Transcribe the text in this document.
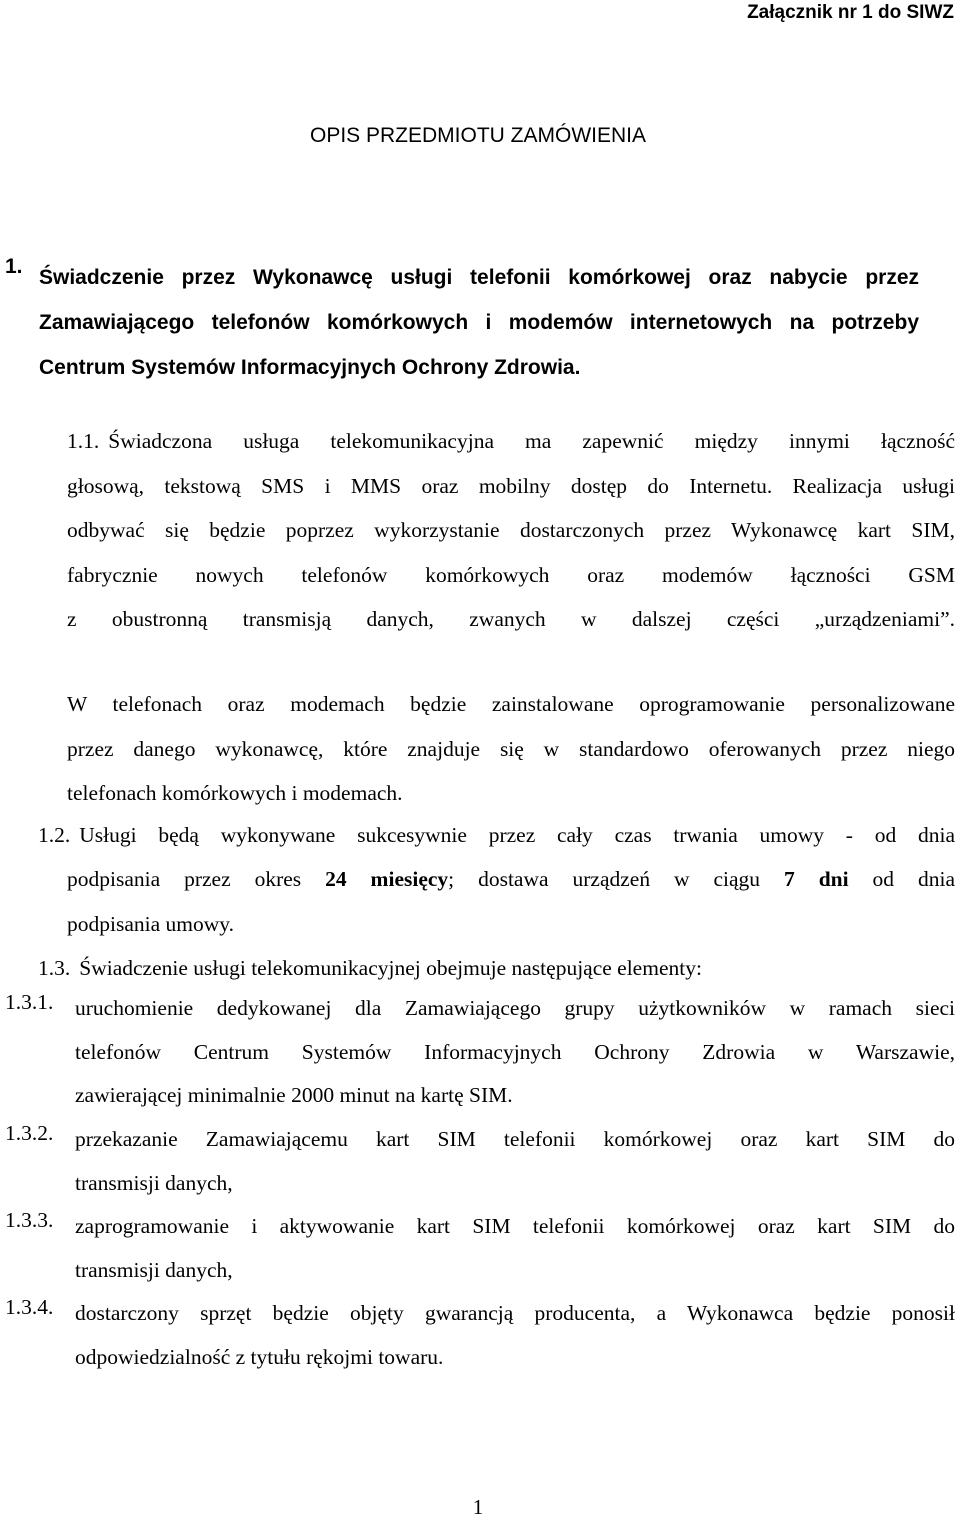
Załącznik nr 1 do SIWZ
OPIS PRZEDMIOTU ZAMÓWIENIA
1. Świadczenie przez Wykonawcę usługi telefonii komórkowej oraz nabycie przez
Zamawiającego telefonów komórkowych i modemów internetowych na potrzeby
Centrum Systemów Informacyjnych Ochrony Zdrowia.
1.1. Świadczona usługa telekomunikacyjna ma zapewnić między innymi łączność
głosową, tekstową SMS i MMS oraz mobilny dostęp do Internetu. Realizacja usługi
odbywać się będzie poprzez wykorzystanie dostarczonych przez Wykonawcę kart SIM,
fabrycznie nowych telefonów komórkowych oraz modemów łączności GSM
z obustronną transmisją danych, zwanych w dalszej części „urządzeniami”.
W telefonach oraz modemach będzie zainstalowane oprogramowanie personalizowane
przez danego wykonawcę, które znajduje się w standardowo oferowanych przez niego
telefonach komórkowych i modemach.
1.2. Usługi będą wykonywane sukcesywnie przez cały czas trwania umowy - od dnia
podpisania przez okres 24 miesięcy; dostawa urządzeń w ciągu 7 dni od dnia
podpisania umowy.
1.3. Świadczenie usługi telekomunikacyjnej obejmuje następujące elementy:
1.3.1. uruchomienie dedykowanej dla Zamawiającego grupy użytkowników w ramach sieci
telefonów Centrum Systemów Informacyjnych Ochrony Zdrowia w Warszawie,
zawierającej minimalnie 2000 minut na kartę SIM.
1.3.2. przekazanie Zamawiającemu kart SIM telefonii komórkowej oraz kart SIM do
transmisji danych,
1.3.3. zaprogramowanie i aktywowanie kart SIM telefonii komórkowej oraz kart SIM do
transmisji danych,
1.3.4. dostarczony sprzęt będzie objęty gwarancją producenta, a Wykonawca będzie ponosił
odpowiedzialność z tytułu rękojmi towaru.
1
